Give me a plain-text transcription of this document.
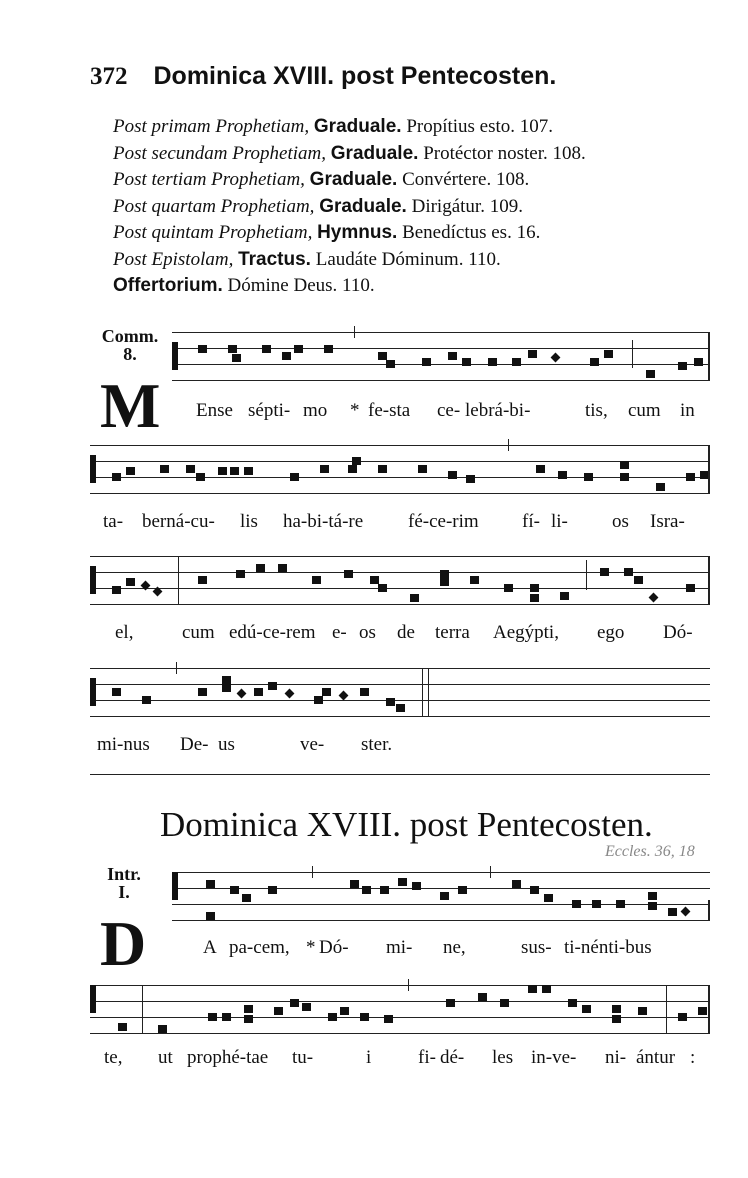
372 Dominica XVIII. post Pentecosten.
Post primam Prophetiam, Graduale. Propítius esto. 107.
Post secundam Prophetiam, Graduale. Protéctor noster. 108.
Post tertiam Prophetiam, Graduale. Convértere. 108.
Post quartam Prophetiam, Graduale. Dirigátur. 109.
Post quintam Prophetiam, Hymnus. Benedíctus es. 16.
Post Epistolam, Tractus. Laudáte Dóminum. 110.
Offertorium. Dómine Deus. 110.
Comm.
8.
M Ense sépti- mo * fe-sta ce- lebrá-bi-	tis, cum in
ta- berná-cu- lis ha-bi-tá-re fé-ce-rim fí- li- os Isra-
el,	cum edú-ce-rem e- os de terra Aegýpti, ego Dó-
mi-nus De- us	ve- ster.
Dominica XVIII. post Pentecosten.
Eccles. 36, 18
Intr.
I.
D	A pa-cem, * Dó- mi- ne,	sus- ti-nénti-bus
te, ut prophé-tae tu-	i fi- dé- les in-ve- ni- ántur :
